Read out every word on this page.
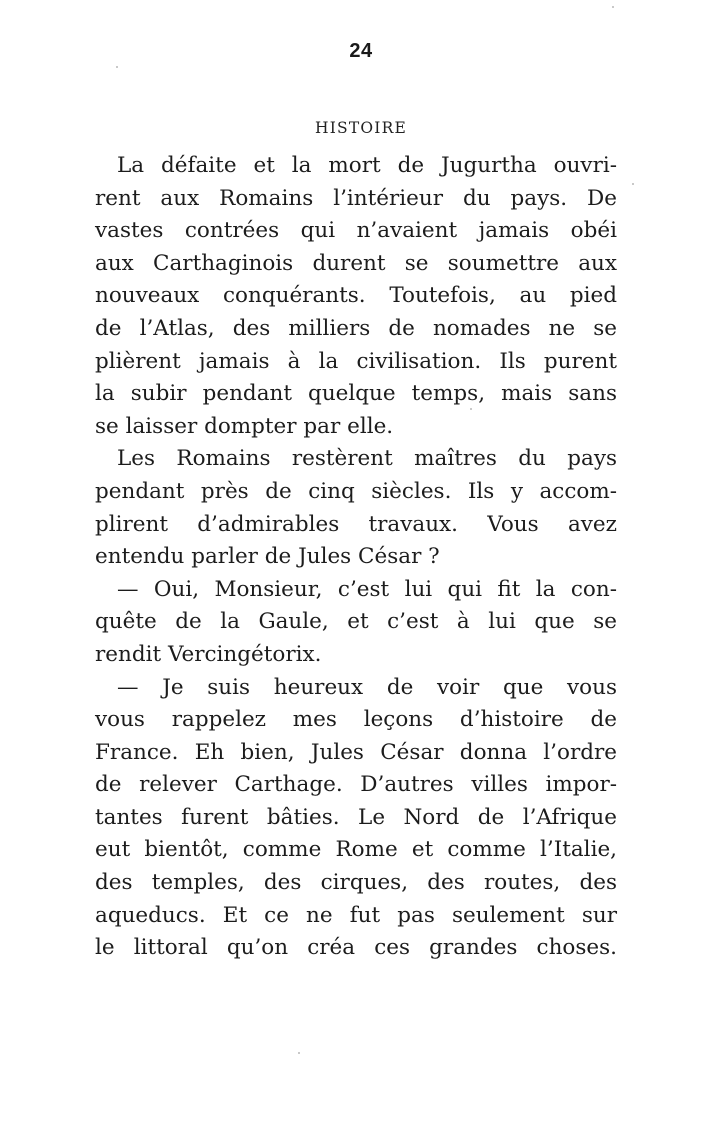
24
HISTOIRE
La défaite et la mort de Jugurtha ouvri-
rent aux Romains l’intérieur du pays. De
vastes contrées qui n’avaient jamais obéi
aux Carthaginois durent se soumettre aux
nouveaux conquérants. Toutefois, au pied
de l’Atlas, des milliers de nomades ne se
plièrent jamais à la civilisation. Ils purent
la subir pendant quelque temps, mais sans
se laisser dompter par elle.
Les Romains restèrent maîtres du pays
pendant près de cinq siècles. Ils y accom-
plirent d’admirables travaux. Vous avez
entendu parler de Jules César ?
— Oui, Monsieur, c’est lui qui fit la con-
quête de la Gaule, et c’est à lui que se
rendit Vercingétorix.
— Je suis heureux de voir que vous
vous rappelez mes leçons d’histoire de
France. Eh bien, Jules César donna l’ordre
de relever Carthage. D’autres villes impor-
tantes furent bâties. Le Nord de l’Afrique
eut bientôt, comme Rome et comme l’Italie,
des temples, des cirques, des routes, des
aqueducs. Et ce ne fut pas seulement sur
le littoral qu’on créa ces grandes choses.
